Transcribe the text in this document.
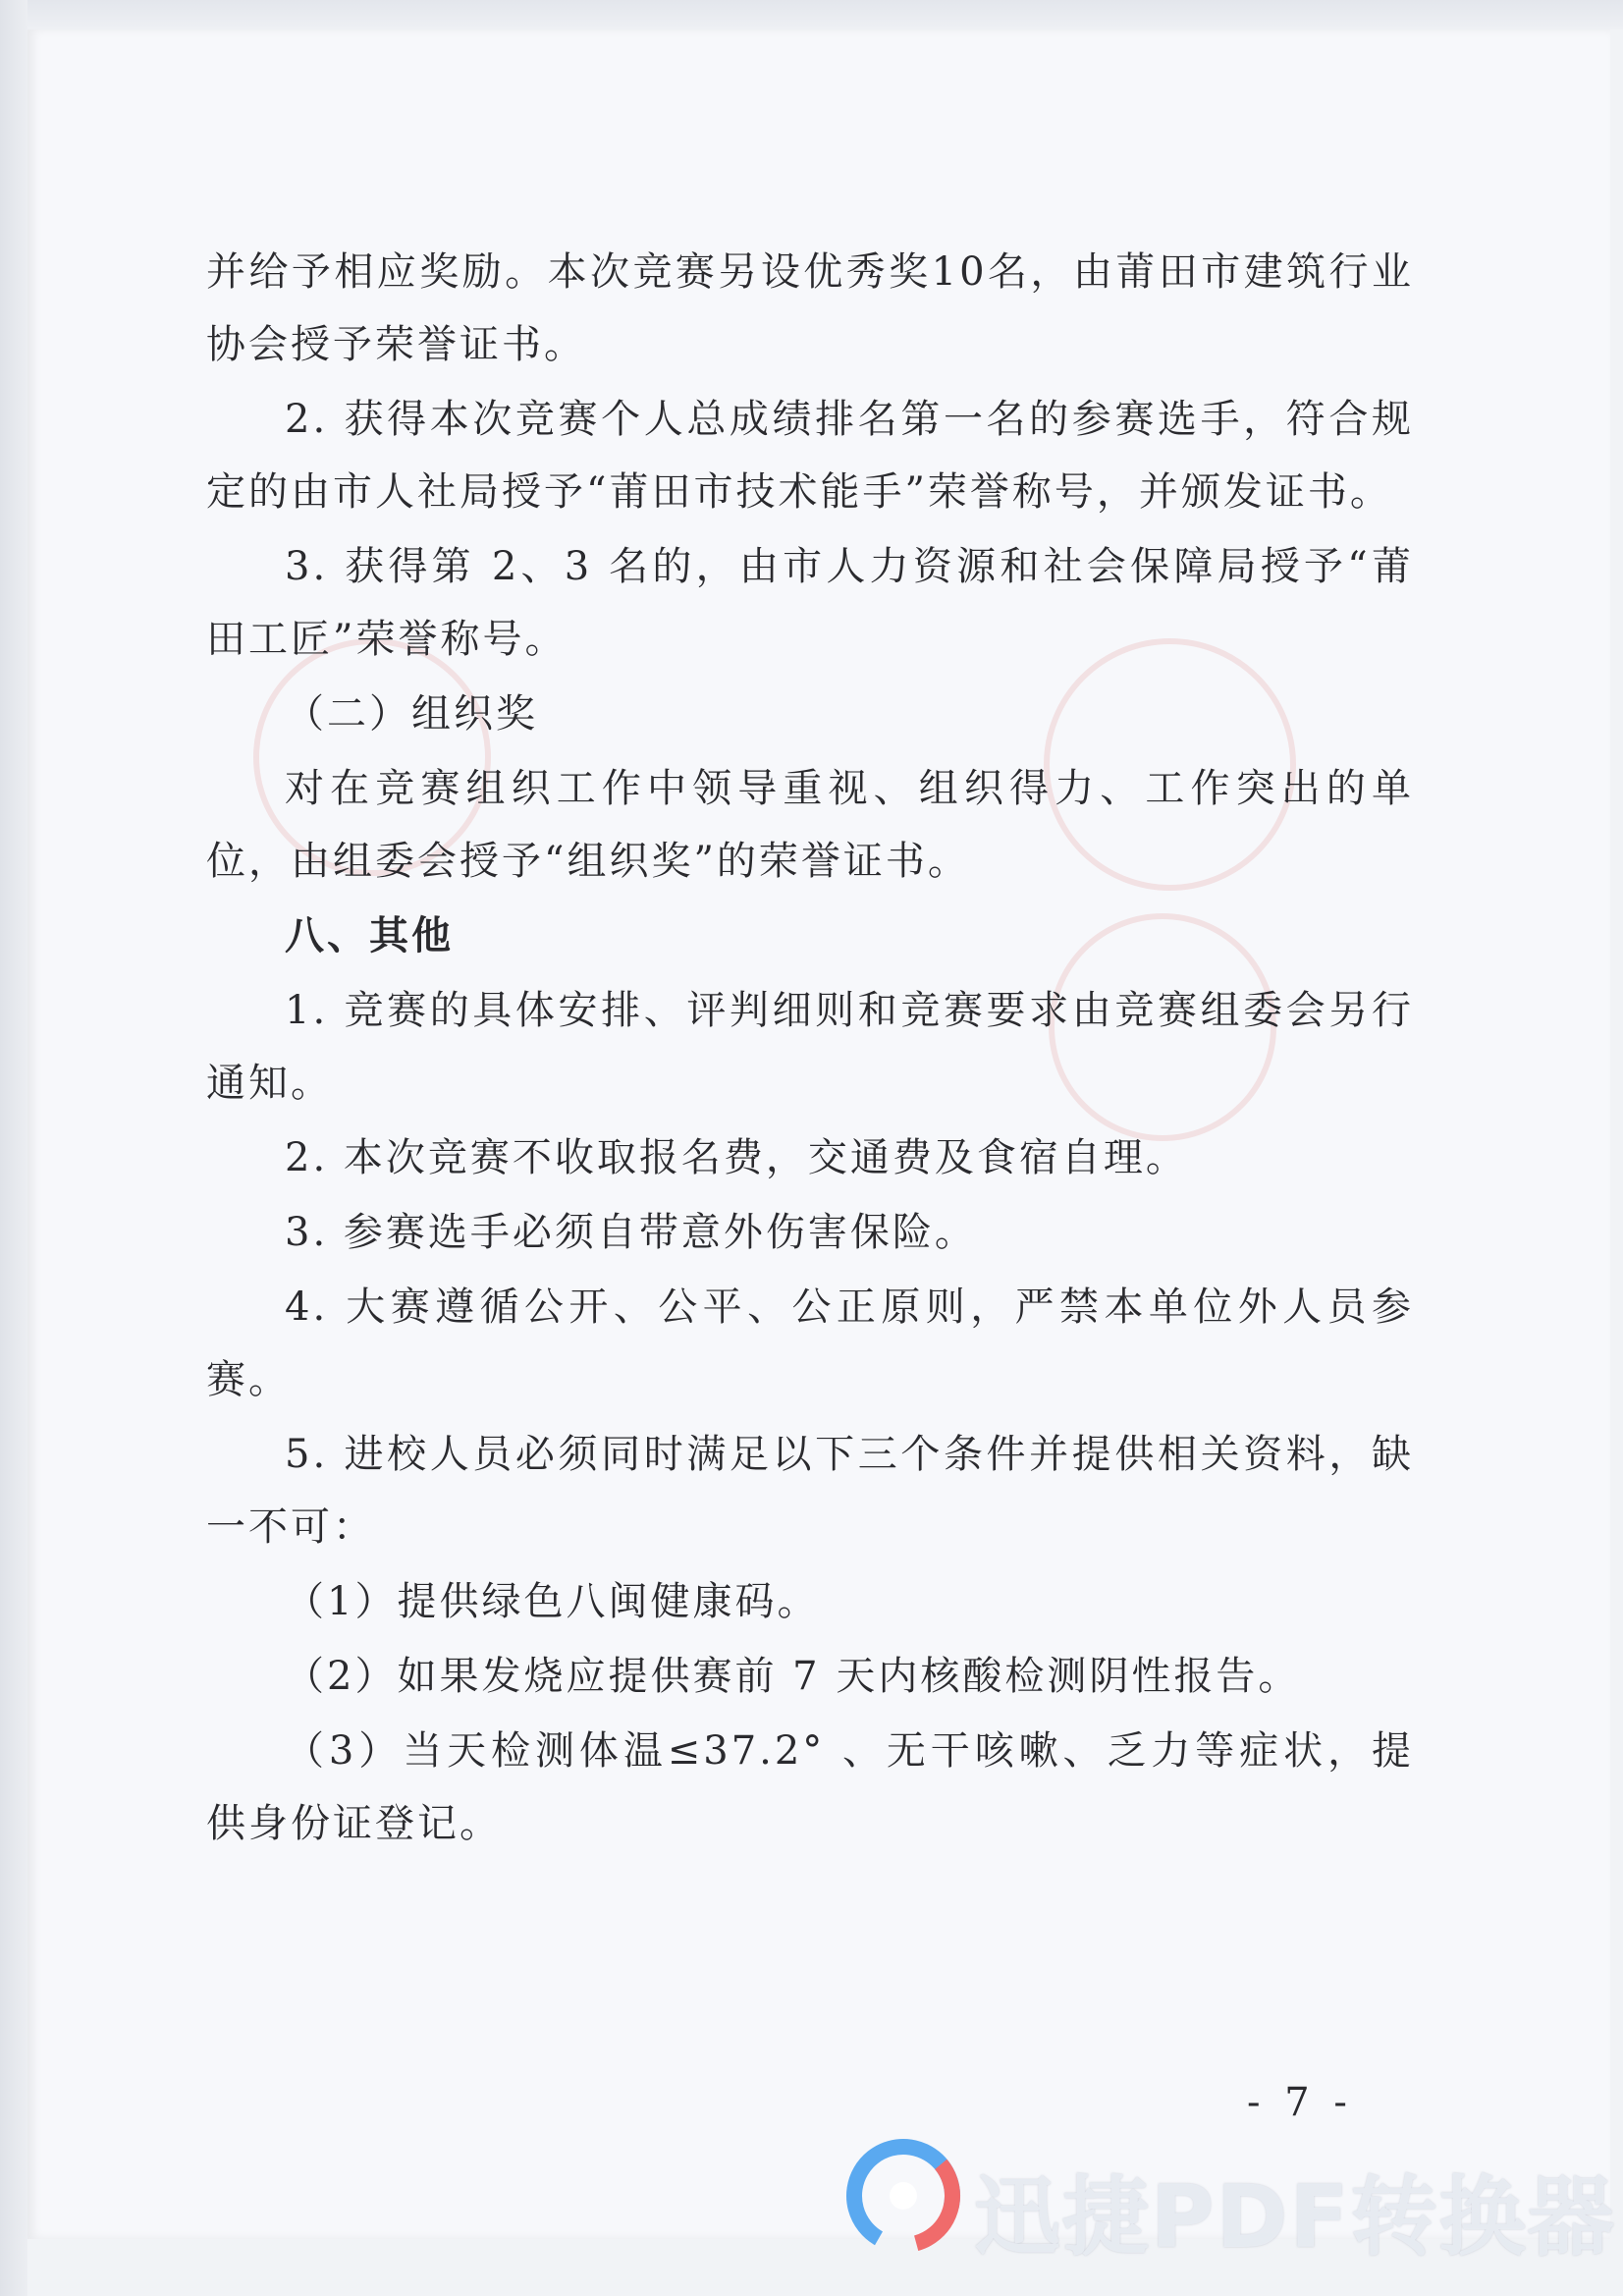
并给予相应奖励。本次竞赛另设优秀奖10名，由莆田市建筑行业协会授予荣誉证书。

2. 获得本次竞赛个人总成绩排名第一名的参赛选手，符合规定的由市人社局授予“莆田市技术能手”荣誉称号，并颁发证书。

3. 获得第 2、3 名的，由市人力资源和社会保障局授予“莆田工匠”荣誉称号。

（二）组织奖

对在竞赛组织工作中领导重视、组织得力、工作突出的单位，由组委会授予“组织奖”的荣誉证书。

八、其他

1. 竞赛的具体安排、评判细则和竞赛要求由竞赛组委会另行通知。

2. 本次竞赛不收取报名费，交通费及食宿自理。

3. 参赛选手必须自带意外伤害保险。

4. 大赛遵循公开、公平、公正原则，严禁本单位外人员参赛。

5. 进校人员必须同时满足以下三个条件并提供相关资料，缺一不可：

（1）提供绿色八闽健康码。

（2）如果发烧应提供赛前 7 天内核酸检测阴性报告。

（3）当天检测体温≤37.2° 、无干咳嗽、乏力等症状，提供身份证登记。

- 7 -
迅捷PDF转换器
